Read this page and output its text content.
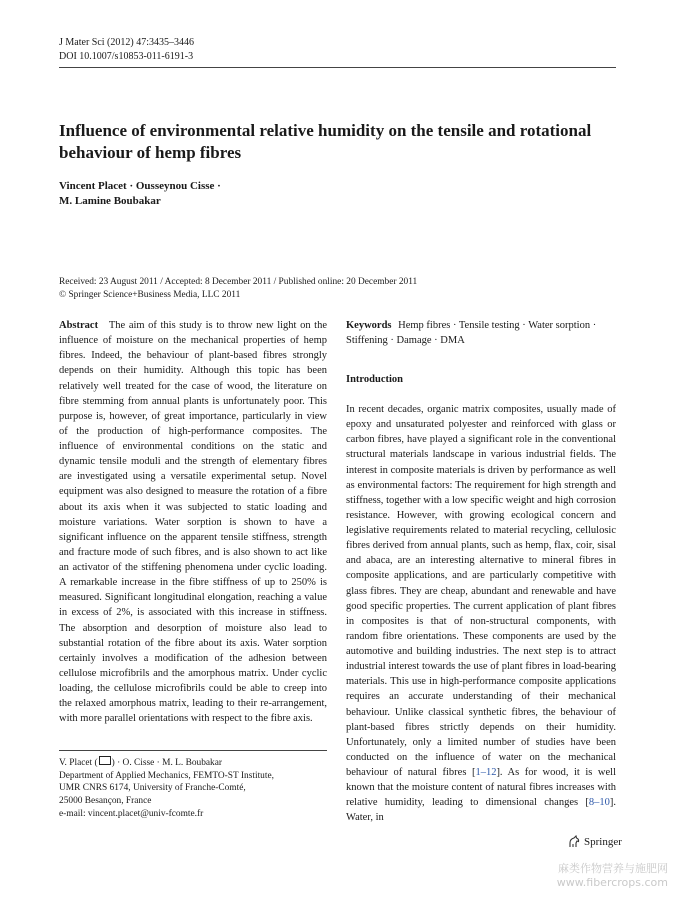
J Mater Sci (2012) 47:3435–3446
DOI 10.1007/s10853-011-6191-3
Influence of environmental relative humidity on the tensile and rotational behaviour of hemp fibres
Vincent Placet · Ousseynou Cisse ·
M. Lamine Boubakar
Received: 23 August 2011 / Accepted: 8 December 2011 / Published online: 20 December 2011
© Springer Science+Business Media, LLC 2011

Abstract The aim of this study is to throw new light on the influence of moisture on the mechanical properties of hemp fibres. Indeed, the behaviour of plant-based fibres strongly depends on their humidity. Although this topic has been relatively well treated for the case of wood, the literature on fibre stemming from annual plants is unfortunately poor. This purpose is, however, of great importance, particularly in view of the production of high-performance composites. The influence of environmental conditions on the static and dynamic tensile moduli and the strength of elementary fibres are investigated using a versatile experimental setup. Novel equipment was also designed to measure the rotation of a fibre about its axis when it was subjected to static loading and moisture variations. Water sorption is shown to have a significant influence on the apparent tensile stiffness, strength and fracture mode of such fibres, and is also shown to act like an activator of the stiffening phenomena under cyclic loading. A remarkable increase in the fibre stiffness of up to 250% is measured. Significant longitudinal elongation, reaching a value in excess of 2%, is associated with this increase in stiffness. The absorption and desorption of moisture also lead to substantial rotation of the fibre about its axis. Water sorption certainly involves a modification of the adhesion between cellulose microfibrils and the amorphous matrix. Under cyclic loading, the cellulose microfibrils could be able to creep into the relaxed amorphous matrix, leading to their re-arrangement, with more parallel orientations with respect to the fibre axis.

Keywords Hemp fibres · Tensile testing · Water sorption · Stiffening · Damage · DMA

Introduction

In recent decades, organic matrix composites, usually made of epoxy and unsaturated polyester and reinforced with glass or carbon fibres, have played a significant role in the conventional structural materials landscape in various industrial fields. The interest in composite materials is driven by performance as well as environmental factors: The requirement for high strength and stiffness, together with a low specific weight and high corrosion resistance. However, with growing ecological concern and legislative requirements related to material recycling, cellulosic fibres derived from annual plants, such as hemp, flax, coir, sisal and abaca, are an interesting alternative to mineral fibres in composite applications, and are particularly competitive with glass fibres. They are cheap, abundant and renewable and have good specific properties. The current application of plant fibres in composites is that of non-structural components, with random fibre orientations. These components are used by the automotive and building industries. The next step is to attract industrial interest towards the use of plant fibres in load-bearing materials. This use in high-performance composite applications requires an accurate understanding of their mechanical behaviour. Unlike classical synthetic fibres, the behaviour of plant-based fibres strictly depends on their humidity. Unfortunately, only a limited number of studies have been conducted on the influence of water on the mechanical behaviour of natural fibres [1–12]. As for wood, it is well known that the moisture content of natural fibres increases with relative humidity, leading to dimensional changes [8–10]. Water, in

V. Placet ( ) · O. Cisse · M. L. Boubakar
Department of Applied Mechanics, FEMTO-ST Institute,
UMR CNRS 6174, University of Franche-Comté,
25000 Besançon, France
e-mail: vincent.placet@univ-fcomte.fr
Springer
麻类作物营养与施肥网
www.fibercrops.com
